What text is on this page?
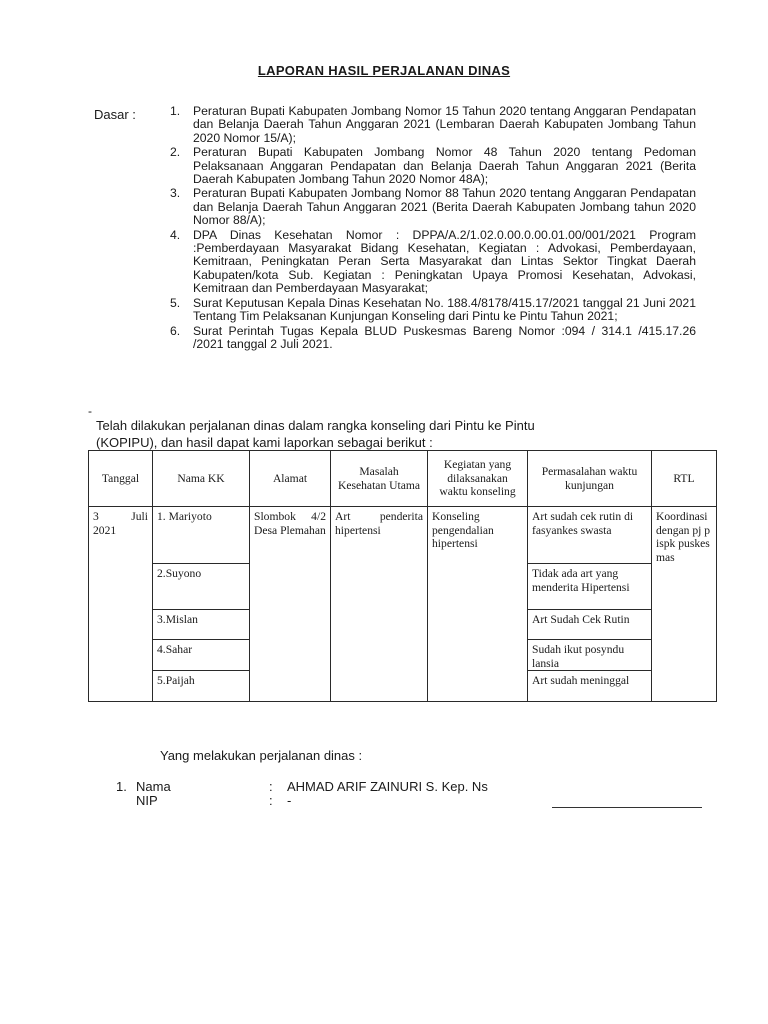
LAPORAN HASIL PERJALANAN DINAS
Dasar :	1. Peraturan Bupati Kabupaten Jombang Nomor 15 Tahun 2020 tentang Anggaran Pendapatan dan Belanja Daerah Tahun Anggaran 2021 (Lembaran Daerah Kabupaten Jombang Tahun 2020 Nomor 15/A);
2. Peraturan Bupati Kabupaten Jombang Nomor 48 Tahun 2020 tentang Pedoman Pelaksanaan Anggaran Pendapatan dan Belanja Daerah Tahun Anggaran 2021 (Berita Daerah Kabupaten Jombang Tahun 2020 Nomor 48A);
3. Peraturan Bupati Kabupaten Jombang Nomor 88 Tahun 2020 tentang Anggaran Pendapatan dan Belanja Daerah Tahun Anggaran 2021 (Berita Daerah Kabupaten Jombang tahun 2020 Nomor 88/A);
4. DPA Dinas Kesehatan Nomor : DPPA/A.2/1.02.0.00.0.00.01.00/001/2021 Program :Pemberdayaan Masyarakat Bidang Kesehatan, Kegiatan : Advokasi, Pemberdayaan, Kemitraan, Peningkatan Peran Serta Masyarakat dan Lintas Sektor Tingkat Daerah Kabupaten/kota Sub. Kegiatan : Peningkatan Upaya Promosi Kesehatan, Advokasi, Kemitraan dan Pemberdayaan Masyarakat;
5. Surat Keputusan Kepala Dinas Kesehatan No. 188.4/8178/415.17/2021 tanggal 21 Juni 2021 Tentang Tim Pelaksanan Kunjungan Konseling dari Pintu ke Pintu Tahun 2021;
6. Surat Perintah Tugas Kepala BLUD Puskesmas Bareng Nomor :094 / 314.1 /415.17.26 /2021 tanggal 2 Juli 2021.
-

Telah dilakukan perjalanan dinas dalam rangka konseling dari Pintu ke Pintu

(KOPIPU), dan hasil dapat kami laporkan sebagai berikut :

Tanggal	Nama KK	Alamat	Masalah Kesehatan Utama	Kegiatan yang dilaksanakan waktu konseling	Permasalahan waktu kunjungan	RTL

3 Juli
2021	1. Mariyoto	Slombok 4/2 Desa Plemahan	Art penderita hipertensi	Konseling pengendalian hipertensi	Art sudah cek rutin di fasyankes swasta	Koordinasi dengan pj pispk puskesmas
	2.Suyono				Tidak ada art yang menderita Hipertensi	
	3.Mislan				Art Sudah Cek Rutin	
	4.Sahar				Sudah ikut posyndu lansia	
	5.Paijah				Art sudah meninggal	
Yang melakukan perjalanan dinas :
1. Nama	: AHMAD ARIF ZAINURI S. Kep. Ns
NIP	: -
